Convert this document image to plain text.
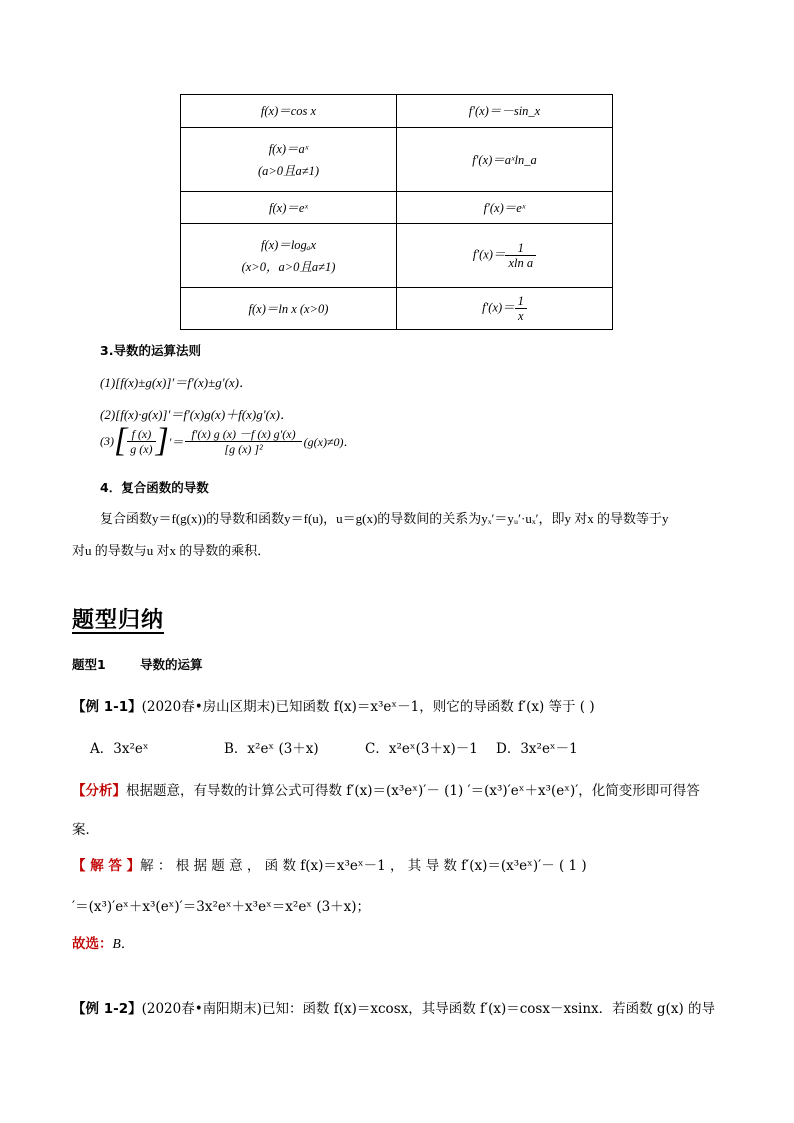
f(x)＝cos x	f′(x)＝－sin_x

f(x)＝aˣ
(a>0且a≠1)	f′(x)＝aˣln_a

f(x)＝eˣ	f′(x)＝eˣ

f(x)＝logₐx
(x>0，a>0且a≠1)	$f'(x)= \frac{1}{\text{xln a}}$

f(x)＝ln x (x>0)	$f'(x)= \frac{1}{x}$
3.导数的运算法则
(1)[f(x)±g(x)]′＝f′(x)±g′(x)．
(2)[f(x)·g(x)]′＝f′(x)g(x)＋f(x)g′(x)．
(3) [ $\frac{f (x)}{g (x)}$ ] ′＝ $\frac{f'(x) g (x) -f (x) g'(x)}{\text{[g (x) ]²}} (g(x)\ne 0)$．
4．复合函数的导数
复合函数y＝f(g(x))的导数和函数y＝f(u)，u＝g(x)的导数间的关系为yₓ′＝yᵤ′·uₓ′，即y 对x 的导数等于y
对u 的导数与u 对x 的导数的乘积．
题型归纳
题型1	导数的运算
【例 1-1】(2020春•房山区期末)已知函数 f(x)＝x³eˣ－1，则它的导函数 f′(x) 等于 ( )
A．3x²eˣ	B．x²eˣ (3＋x)	C．x²eˣ(3＋x)－1 D．3x²eˣ－1
【分析】根据题意，有导数的计算公式可得数 f′(x)＝(x³eˣ)′－ (1) ′＝(x³)′eˣ＋x³(eˣ)′，化简变形即可得答
案．
【 解 答 】解 ： 根 据 题 意 ， 函 数 f(x)＝x³eˣ－1 ， 其 导 数 f′(x)＝(x³eˣ)′－ ( 1 )
′＝(x³)′eˣ＋x³(eˣ)′＝3x²eˣ＋x³eˣ＝x²eˣ (3＋x)；
故选：B．
【例 1-2】(2020春•南阳期末)已知：函数 f(x)＝xcosx，其导函数 f′(x)＝cosx－xsinx．若函数 g(x) 的导
